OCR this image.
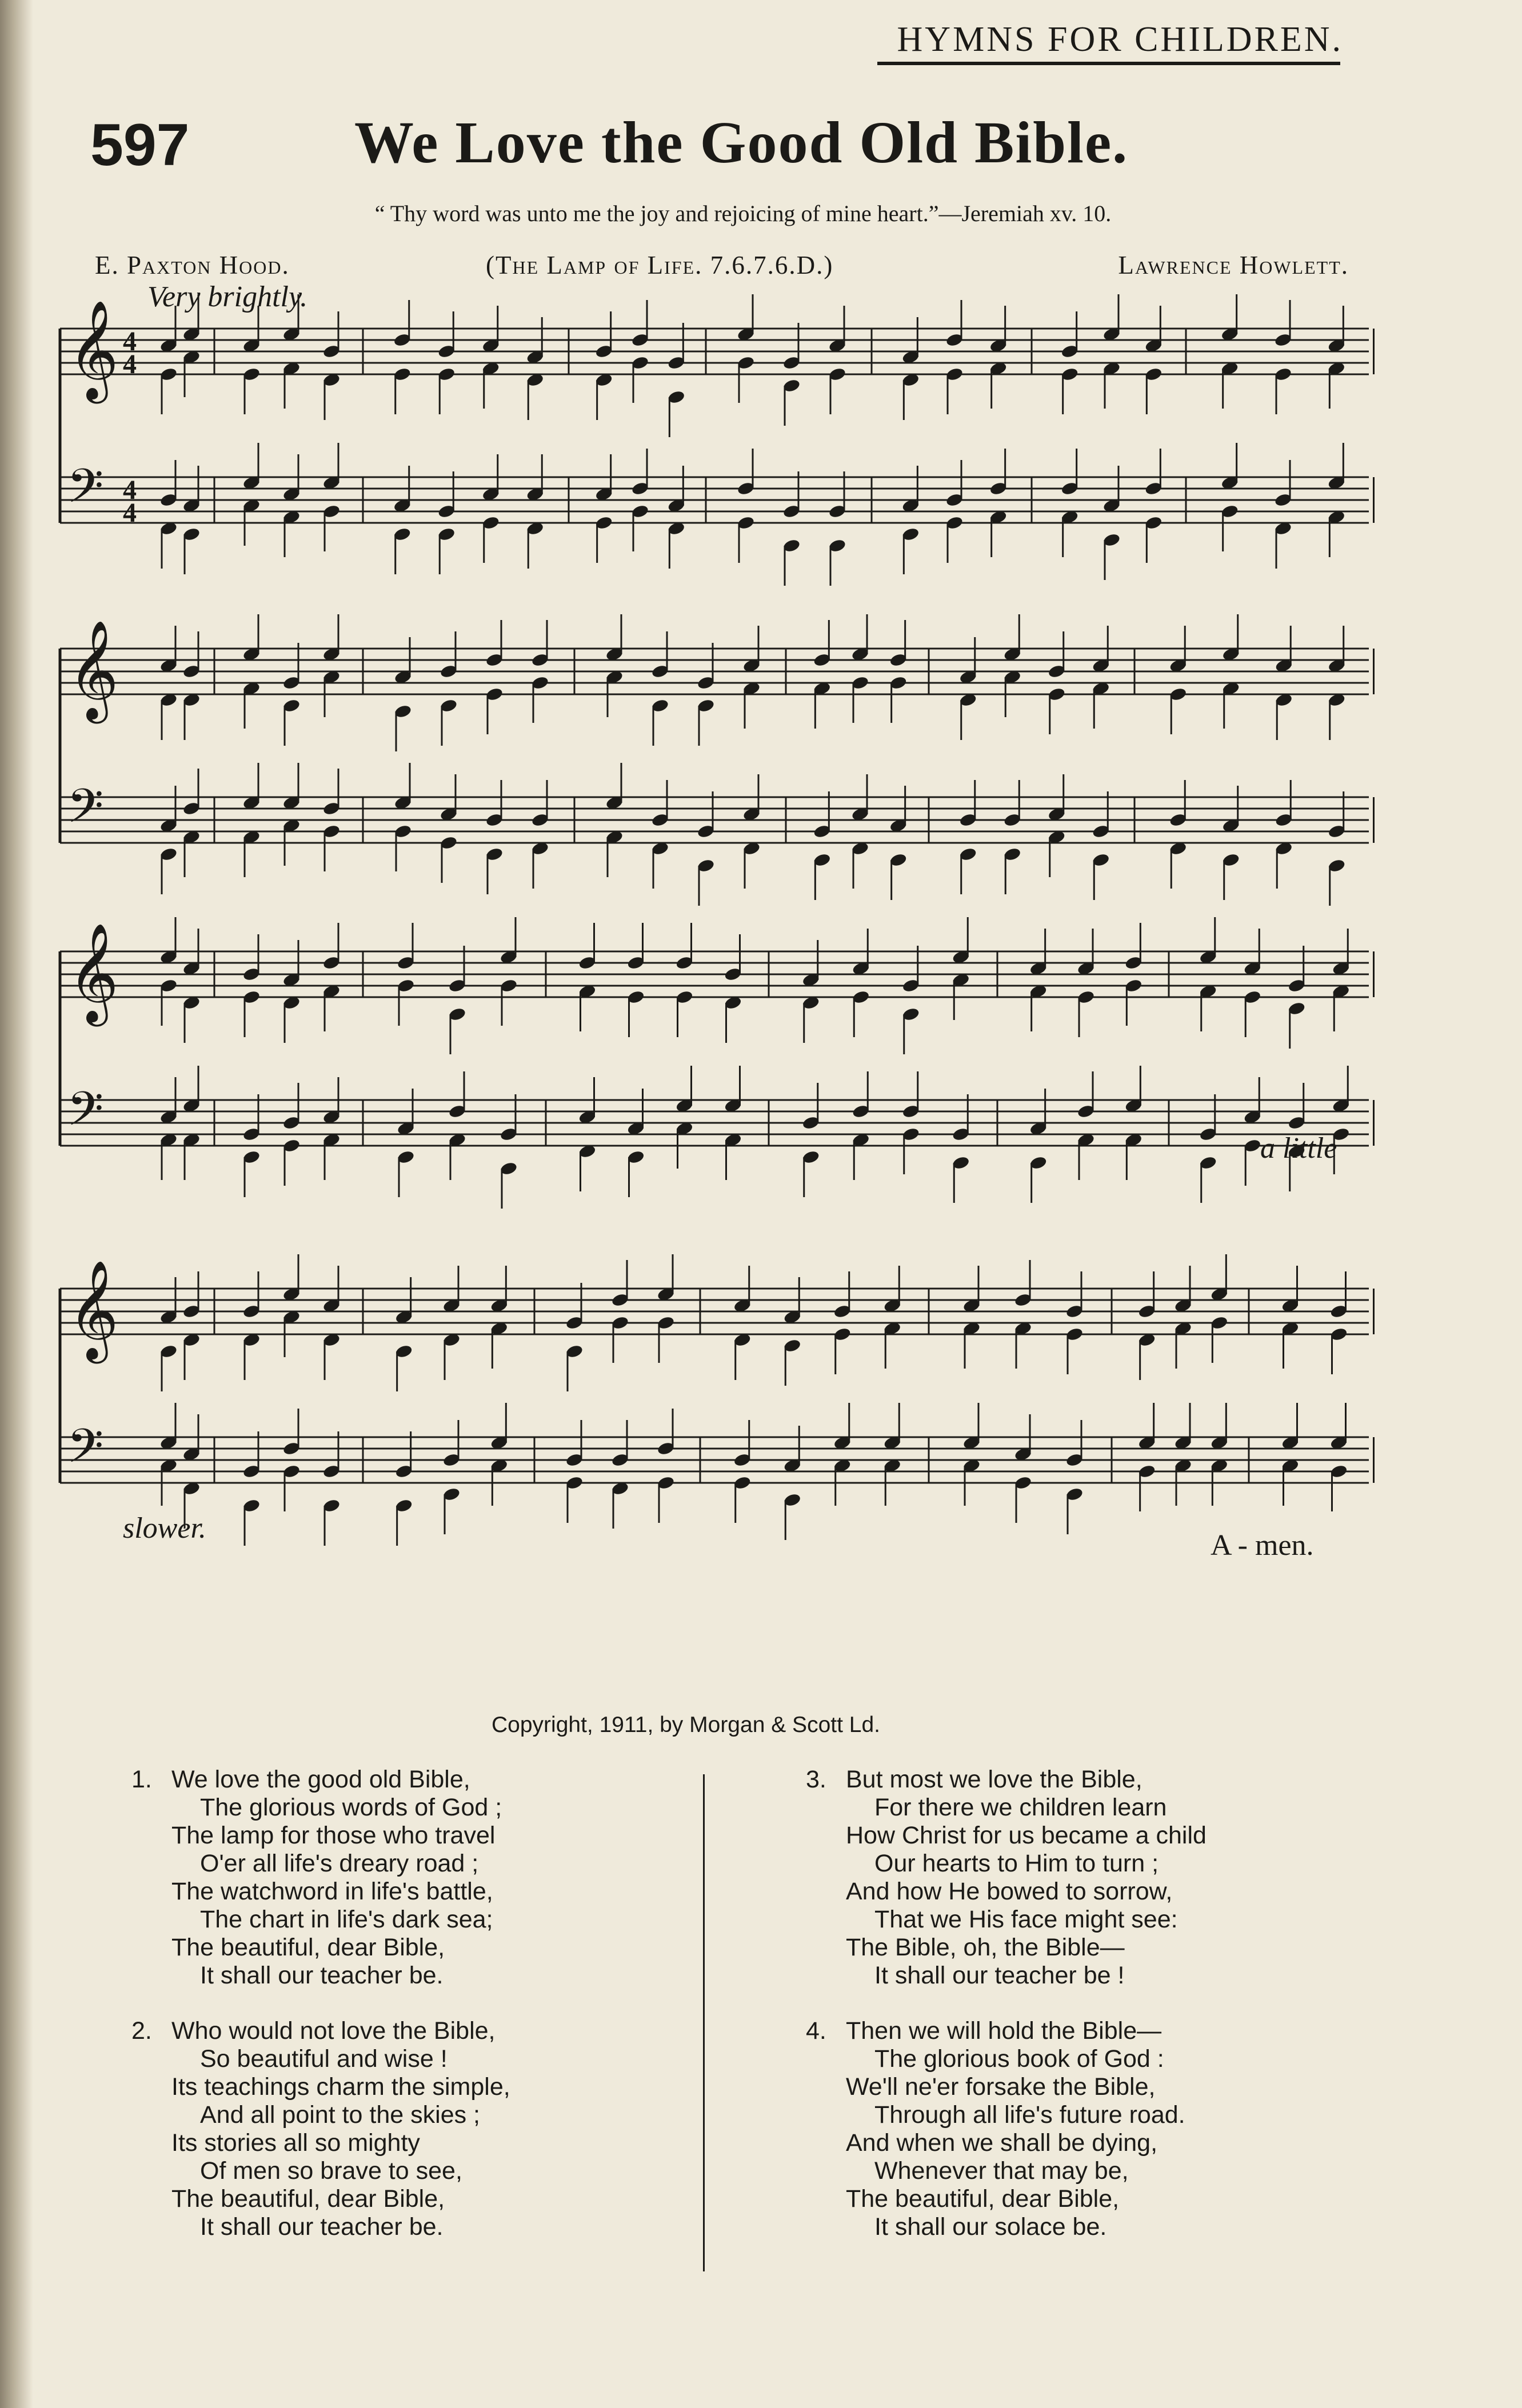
HYMNS FOR CHILDREN.
597	We Love the Good Old Bible.
“ Thy word was unto me the joy and rejoicing of mine heart.”—Jeremiah xv. 10.
E. Paxton Hood.	(The Lamp of Life. 7.6.7.6.D.)	Lawrence Howlett.
Very brightly.
𝄞 4
4
𝄢 4
4
𝄞
𝄢
𝄞
𝄢
𝄞
𝄢
a little
slower.
A - men.
Copyright, 1911, by Morgan & Scott Ld.
1. We love the good old Bible,
The glorious words of God ;
The lamp for those who travel
O'er all life's dreary road ;
The watchword in life's battle,
The chart in life's dark sea;
The beautiful, dear Bible,
It shall our teacher be.
2. Who would not love the Bible,
So beautiful and wise !
Its teachings charm the simple,
And all point to the skies ;
Its stories all so mighty
Of men so brave to see,
The beautiful, dear Bible,
It shall our teacher be.
3. But most we love the Bible,
For there we children learn
How Christ for us became a child
Our hearts to Him to turn ;
And how He bowed to sorrow,
That we His face might see:
The Bible, oh, the Bible—
It shall our teacher be !
4. Then we will hold the Bible—
The glorious book of God :
We'll ne'er forsake the Bible,
Through all life's future road.
And when we shall be dying,
Whenever that may be,
The beautiful, dear Bible,
It shall our solace be.
